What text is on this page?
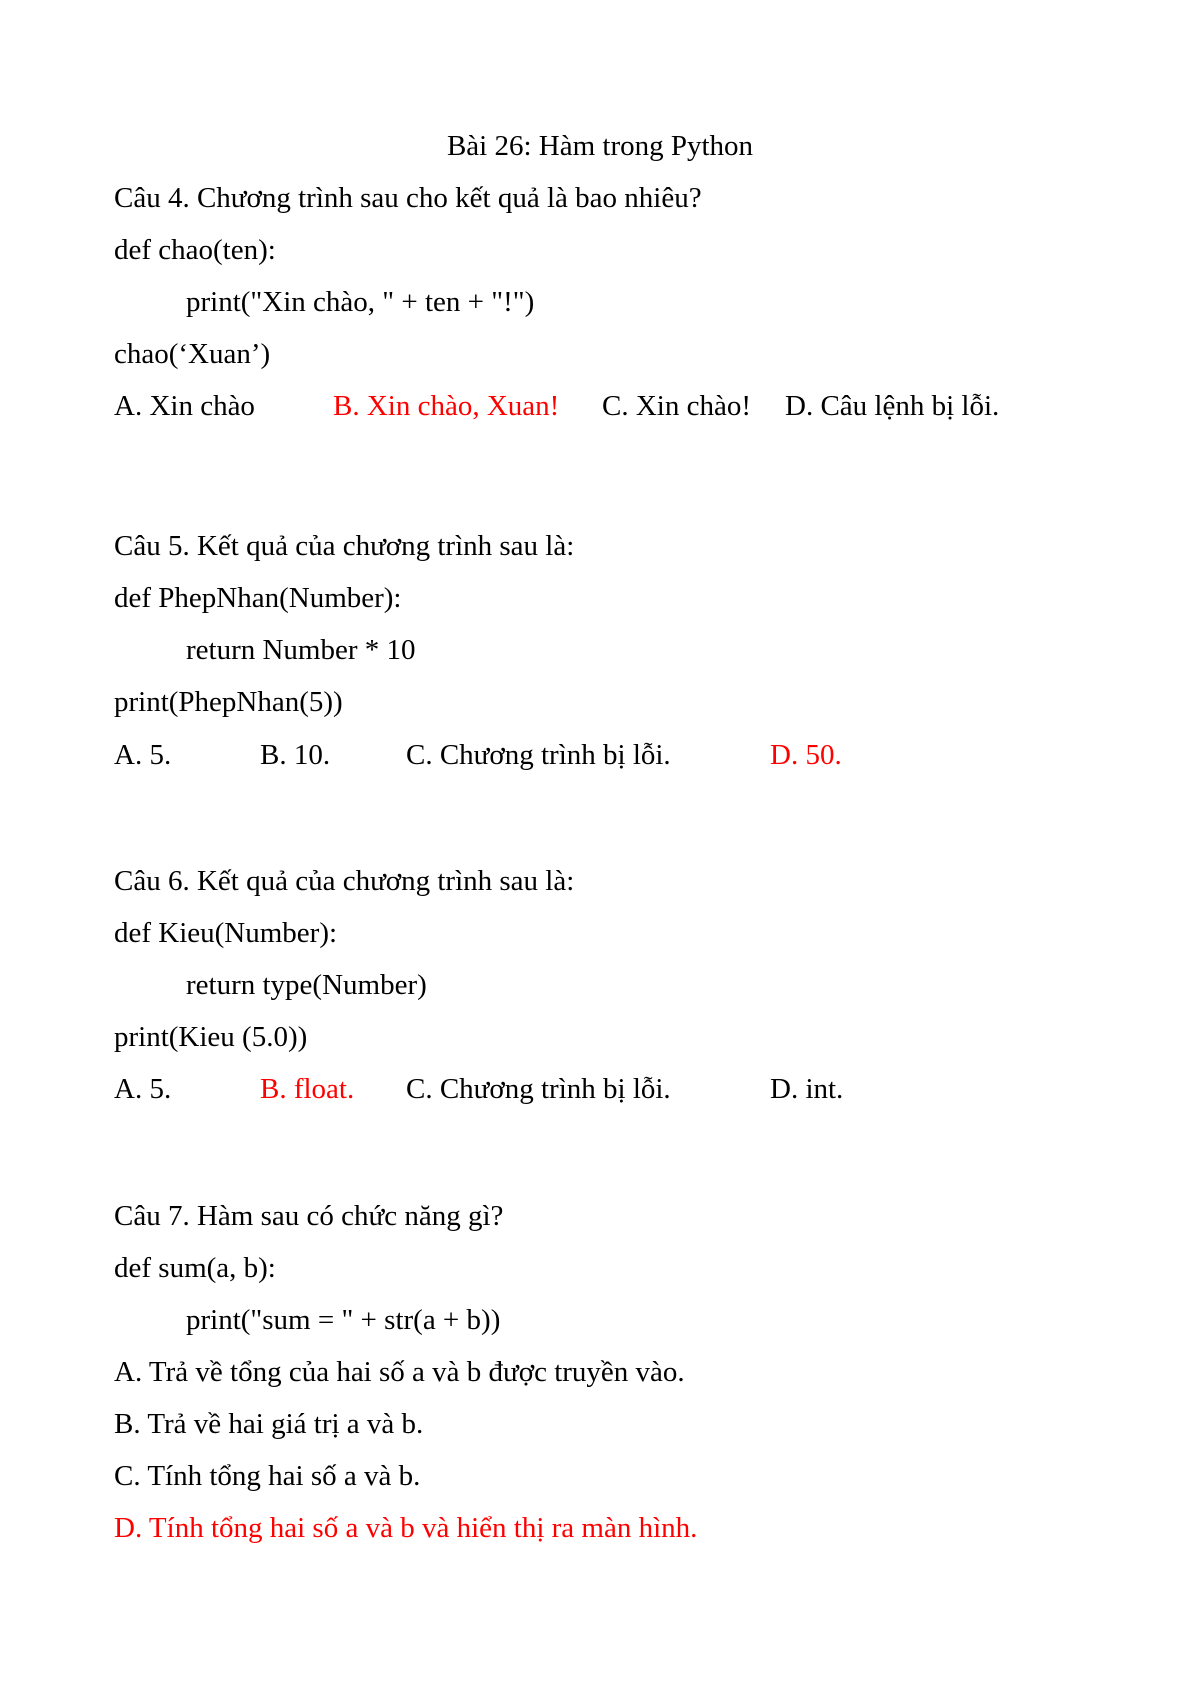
Bài 26: Hàm trong Python
Câu 4. Chương trình sau cho kết quả là bao nhiêu?
def chao(ten):
print("Xin chào, " + ten + "!")
chao(‘Xuan’)
A. Xin chào	B. Xin chào, Xuan! C. Xin chào! D. Câu lệnh bị lỗi.
Câu 5. Kết quả của chương trình sau là:
def PhepNhan(Number):
return Number * 10
print(PhepNhan(5))
A. 5.	B. 10.	C. Chương trình bị lỗi.	D. 50.
Câu 6. Kết quả của chương trình sau là:
def Kieu(Number):
return type(Number)
print(Kieu (5.0))
A. 5.	B. float. C. Chương trình bị lỗi.	D. int.
Câu 7. Hàm sau có chức năng gì?
def sum(a, b):
print("sum = " + str(a + b))
A. Trả về tổng của hai số a và b được truyền vào.
B. Trả về hai giá trị a và b.
C. Tính tổng hai số a và b.
D. Tính tổng hai số a và b và hiển thị ra màn hình.
